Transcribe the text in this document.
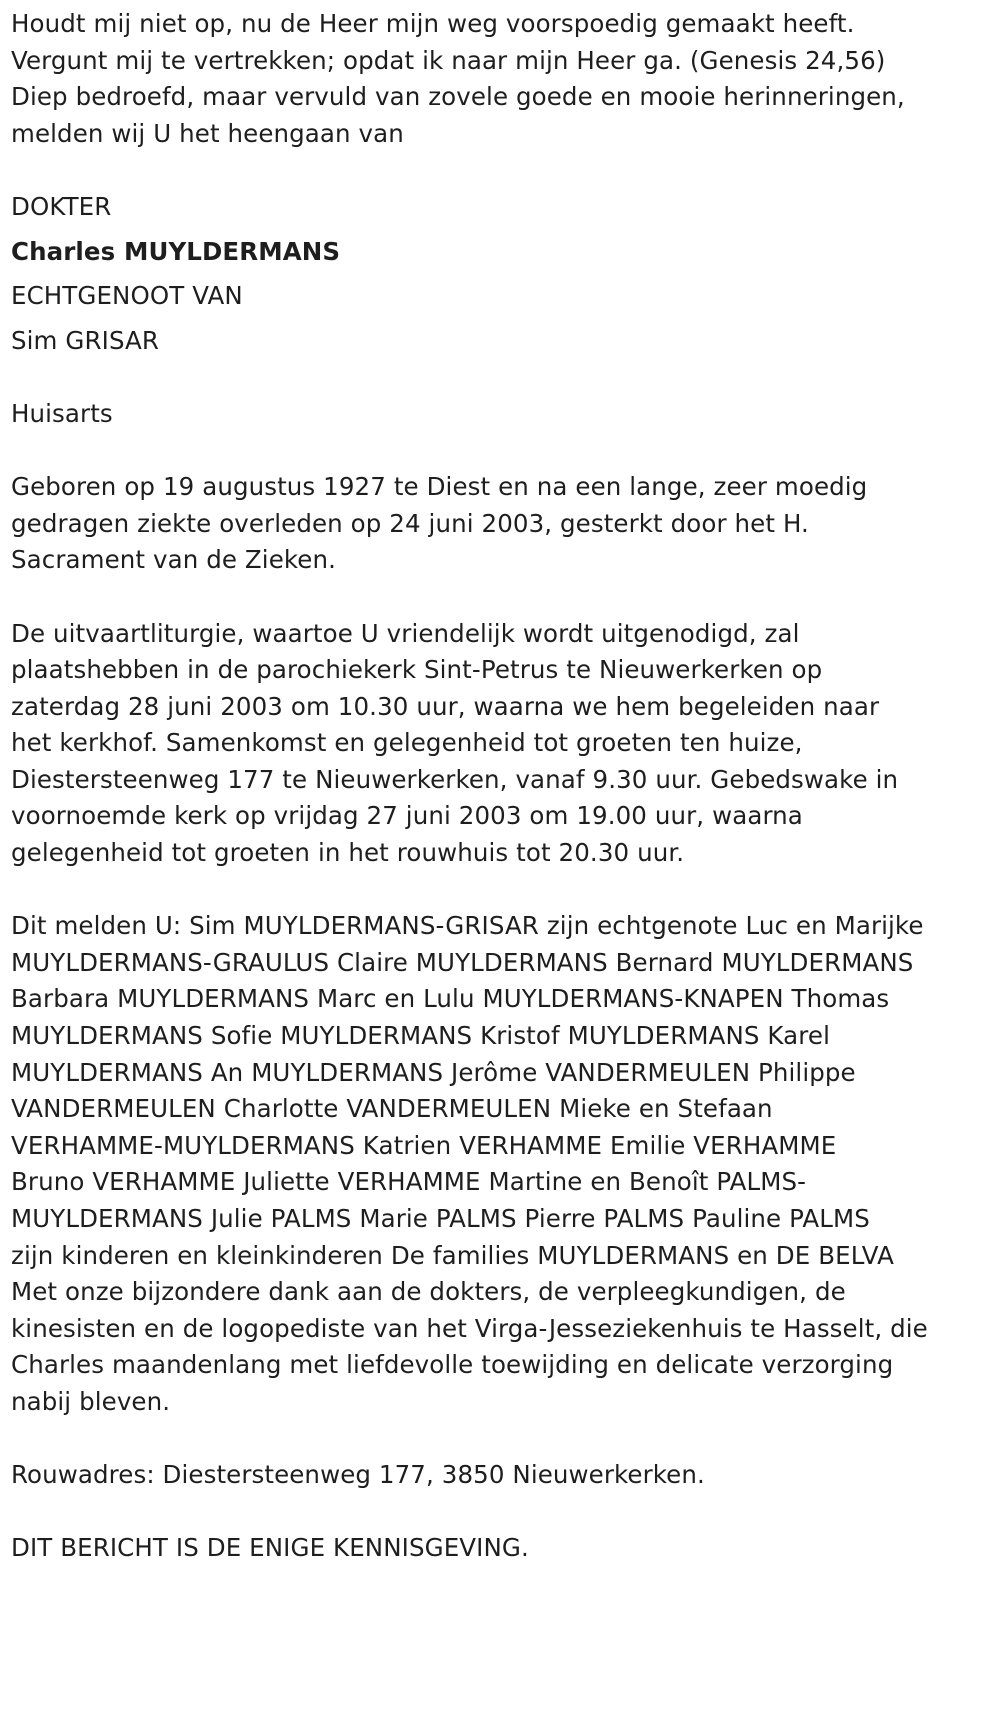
Houdt mij niet op, nu de Heer mijn weg voorspoedig gemaakt heeft.
Vergunt mij te vertrekken; opdat ik naar mijn Heer ga. (Genesis 24,56)
Diep bedroefd, maar vervuld van zovele goede en mooie herinneringen,
melden wij U het heengaan van
DOKTER
Charles MUYLDERMANS
ECHTGENOOT VAN
Sim GRISAR
Huisarts
Geboren op 19 augustus 1927 te Diest en na een lange, zeer moedig
gedragen ziekte overleden op 24 juni 2003, gesterkt door het H.
Sacrament van de Zieken.
De uitvaartliturgie, waartoe U vriendelijk wordt uitgenodigd, zal
plaatshebben in de parochiekerk Sint-Petrus te Nieuwerkerken op
zaterdag 28 juni 2003 om 10.30 uur, waarna we hem begeleiden naar
het kerkhof. Samenkomst en gelegenheid tot groeten ten huize,
Diestersteenweg 177 te Nieuwerkerken, vanaf 9.30 uur. Gebedswake in
voornoemde kerk op vrijdag 27 juni 2003 om 19.00 uur, waarna
gelegenheid tot groeten in het rouwhuis tot 20.30 uur.
Dit melden U: Sim MUYLDERMANS-GRISAR zijn echtgenote Luc en Marijke
MUYLDERMANS-GRAULUS Claire MUYLDERMANS Bernard MUYLDERMANS
Barbara MUYLDERMANS Marc en Lulu MUYLDERMANS-KNAPEN Thomas
MUYLDERMANS Sofie MUYLDERMANS Kristof MUYLDERMANS Karel
MUYLDERMANS An MUYLDERMANS Jerôme VANDERMEULEN Philippe
VANDERMEULEN Charlotte VANDERMEULEN Mieke en Stefaan
VERHAMME-MUYLDERMANS Katrien VERHAMME Emilie VERHAMME
Bruno VERHAMME Juliette VERHAMME Martine en Benoît PALMS-
MUYLDERMANS Julie PALMS Marie PALMS Pierre PALMS Pauline PALMS
zijn kinderen en kleinkinderen De families MUYLDERMANS en DE BELVA
Met onze bijzondere dank aan de dokters, de verpleegkundigen, de
kinesisten en de logopediste van het Virga-Jesseziekenhuis te Hasselt, die
Charles maandenlang met liefdevolle toewijding en delicate verzorging
nabij bleven.
Rouwadres: Diestersteenweg 177, 3850 Nieuwerkerken.
DIT BERICHT IS DE ENIGE KENNISGEVING.
